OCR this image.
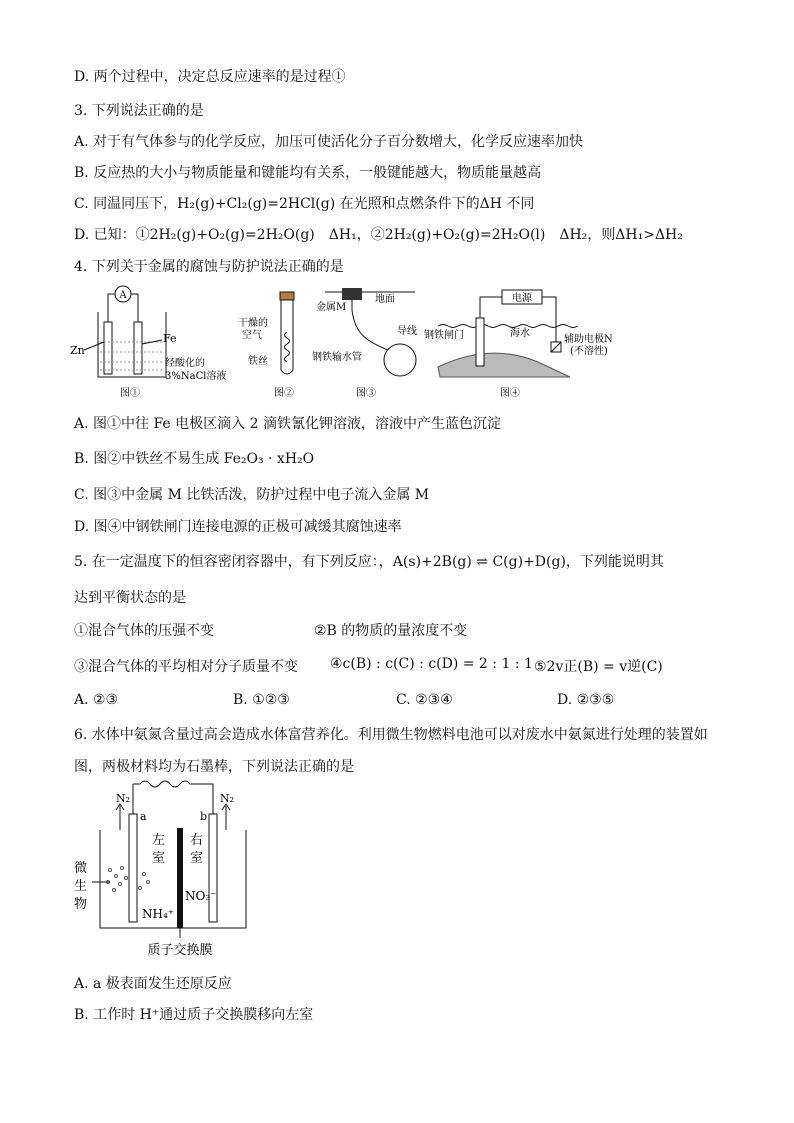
D. 两个过程中，决定总反应速率的是过程①
3. 下列说法正确的是
A. 对于有气体参与的化学反应，加压可使活化分子百分数增大，化学反应速率加快
B. 反应热的大小与物质能量和键能均有关系，一般键能越大，物质能量越高
C. 同温同压下，H₂(g)+Cl₂(g)=2HCl(g) 在光照和点燃条件下的ΔH 不同
D. 已知：①2H₂(g)+O₂(g)=2H₂O(g)　ΔH₁，②2H₂(g)+O₂(g)=2H₂O(l)　ΔH₂，则ΔH₁>ΔH₂
4. 下列关于金属的腐蚀与防护说法正确的是
A
Zn
Fe
经酸化的
3%NaCl溶液
图①
干燥的
空气
铁丝
图②
地面
金属M
导线
钢铁输水管
图③
电源
钢铁闸门	海水
辅助电极N
(不溶性)
图④
A. 图①中往 Fe 电极区滴入 2 滴铁氰化钾溶液，溶液中产生蓝色沉淀
B. 图②中铁丝不易生成 Fe₂O₃ · xH₂O
C. 图③中金属 M 比铁活泼，防护过程中电子流入金属 M
D. 图④中钢铁闸门连接电源的正极可减缓其腐蚀速率
5. 在一定温度下的恒容密闭容器中，有下列反应：，A(s)+2B(g) ⇌ C(g)+D(g)，下列能说明其
达到平衡状态的是
①混合气体的压强不变	②B 的物质的量浓度不变
③混合气体的平均相对分子质量不变 ④c(B) : c(C) : c(D) = 2 : 1 : 1 ⑤2v正(B) = v逆(C)
A. ②③	B. ①②③	C. ②③④	D. ②③⑤
6. 水体中氨氮含量过高会造成水体富营养化。利用微生物燃料电池可以对废水中氨氮进行处理的装置如
图，两极材料均为石墨棒，下列说法正确的是
N₂	N₂
a	b
左
室
右
室
微
生
物
NH₄⁺
NO₃⁻
质子交换膜
A. a 极表面发生还原反应
B. 工作时 H⁺通过质子交换膜移向左室
